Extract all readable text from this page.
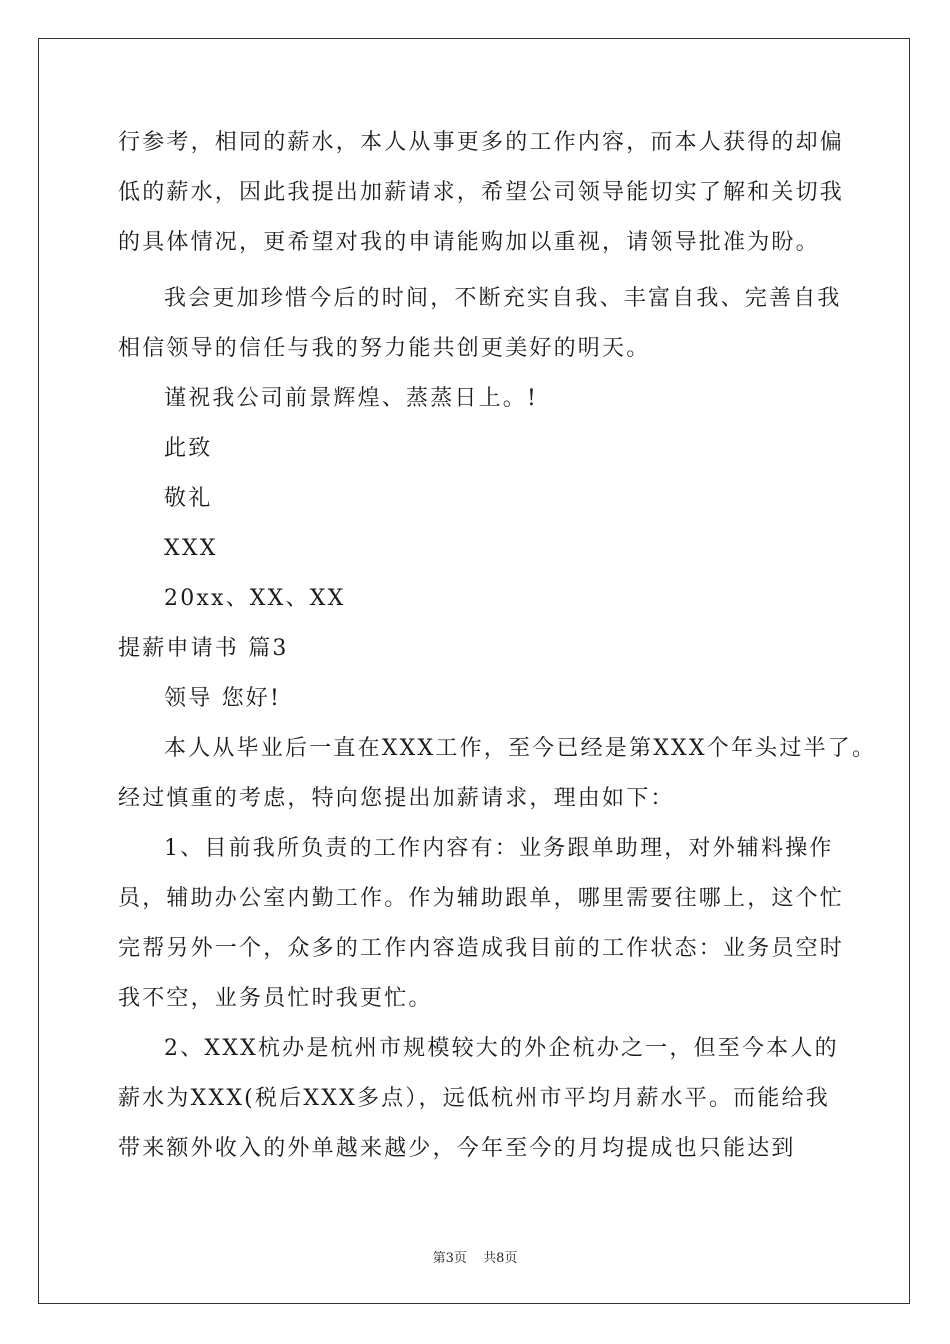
行参考，相同的薪水，本人从事更多的工作内容，而本人获得的却偏
低的薪水，因此我提出加薪请求，希望公司领导能切实了解和关切我
的具体情况，更希望对我的申请能购加以重视，请领导批准为盼。
我会更加珍惜今后的时间，不断充实自我、丰富自我、完善自我
相信领导的信任与我的努力能共创更美好的明天。
谨祝我公司前景辉煌、蒸蒸日上。!
此致
敬礼
XXX
20xx、XX、XX
提薪申请书 篇3
领导 您好!
本人从毕业后一直在XXX工作，至今已经是第XXX个年头过半了。
经过慎重的考虑，特向您提出加薪请求，理由如下：
1、目前我所负责的工作内容有：业务跟单助理，对外辅料操作
员，辅助办公室内勤工作。作为辅助跟单，哪里需要往哪上，这个忙
完帮另外一个，众多的工作内容造成我目前的工作状态：业务员空时
我不空，业务员忙时我更忙。
2、XXX杭办是杭州市规模较大的外企杭办之一，但至今本人的
薪水为XXX(税后XXX多点），远低杭州市平均月薪水平。而能给我
带来额外收入的外单越来越少，今年至今的月均提成也只能达到
第3页 共8页
